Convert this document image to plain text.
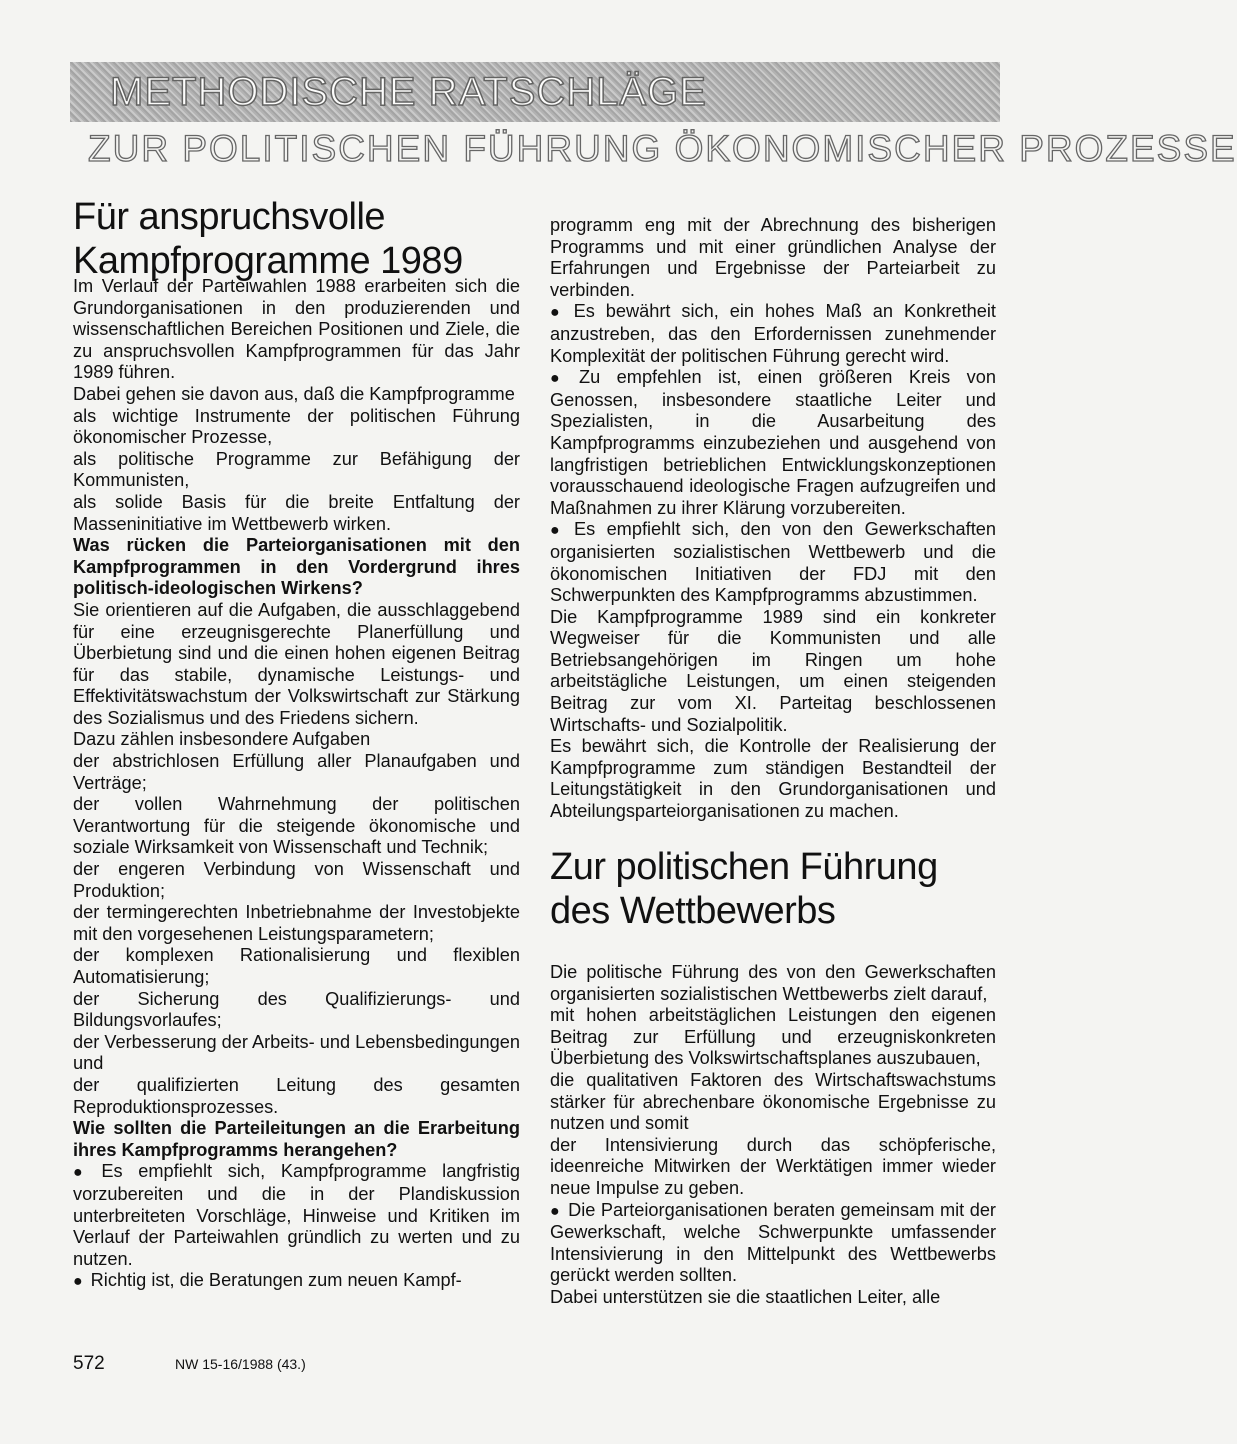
METHODISCHE RATSCHLÄGE
ZUR POLITISCHEN FÜHRUNG ÖKONOMISCHER PROZESSE
Für anspruchsvolle Kampfprogramme 1989

Im Verlauf der Parteiwahlen 1988 erarbeiten sich die Grundorganisationen in den produzierenden und wissenschaftlichen Bereichen Positionen und Ziele, die zu anspruchsvollen Kampfprogrammen für das Jahr 1989 führen.

Dabei gehen sie davon aus, daß die Kampfprogramme

als wichtige Instrumente der politischen Führung ökonomischer Prozesse,

als politische Programme zur Befähigung der Kommunisten,

als solide Basis für die breite Entfaltung der Masseninitiative im Wettbewerb wirken.

Was rücken die Parteiorganisationen mit den Kampfprogrammen in den Vordergrund ihres politisch-ideologischen Wirkens?

Sie orientieren auf die Aufgaben, die ausschlaggebend für eine erzeugnisgerechte Planerfüllung und Überbietung sind und die einen hohen eigenen Beitrag für das stabile, dynamische Leistungs- und Effektivitätswachstum der Volkswirtschaft zur Stärkung des Sozialismus und des Friedens sichern.

Dazu zählen insbesondere Aufgaben

der abstrichlosen Erfüllung aller Planaufgaben und Verträge;

der vollen Wahrnehmung der politischen Verantwortung für die steigende ökonomische und soziale Wirksamkeit von Wissenschaft und Technik;

der engeren Verbindung von Wissenschaft und Produktion;

der termingerechten Inbetriebnahme der Investobjekte mit den vorgesehenen Leistungsparametern;

der komplexen Rationalisierung und flexiblen Automatisierung;

der Sicherung des Qualifizierungs- und Bildungsvorlaufes;

der Verbesserung der Arbeits- und Lebensbedingungen und

der qualifizierten Leitung des gesamten Reproduktionsprozesses.

Wie sollten die Parteileitungen an die Erarbeitung ihres Kampfprogramms herangehen?

● Es empfiehlt sich, Kampfprogramme langfristig vorzubereiten und die in der Plandiskussion unterbreiteten Vorschläge, Hinweise und Kritiken im Verlauf der Parteiwahlen gründlich zu werten und zu nutzen.

● Richtig ist, die Beratungen zum neuen Kampf-

programm eng mit der Abrechnung des bisherigen Programms und mit einer gründlichen Analyse der Erfahrungen und Ergebnisse der Parteiarbeit zu verbinden.

● Es bewährt sich, ein hohes Maß an Konkretheit anzustreben, das den Erfordernissen zunehmender Komplexität der politischen Führung gerecht wird.

● Zu empfehlen ist, einen größeren Kreis von Genossen, insbesondere staatliche Leiter und Spezialisten, in die Ausarbeitung des Kampfprogramms einzubeziehen und ausgehend von langfristigen betrieblichen Entwicklungskonzeptionen vorausschauend ideologische Fragen aufzugreifen und Maßnahmen zu ihrer Klärung vorzubereiten.

● Es empfiehlt sich, den von den Gewerkschaften organisierten sozialistischen Wettbewerb und die ökonomischen Initiativen der FDJ mit den Schwerpunkten des Kampfprogramms abzustimmen.

Die Kampfprogramme 1989 sind ein konkreter Wegweiser für die Kommunisten und alle Betriebsangehörigen im Ringen um hohe arbeitstägliche Leistungen, um einen steigenden Beitrag zur vom XI. Parteitag beschlossenen Wirtschafts- und Sozialpolitik.

Es bewährt sich, die Kontrolle der Realisierung der Kampfprogramme zum ständigen Bestandteil der Leitungstätigkeit in den Grundorganisationen und Abteilungsparteiorganisationen zu machen.

Zur politischen Führung des Wettbewerbs

Die politische Führung des von den Gewerkschaften organisierten sozialistischen Wettbewerbs zielt darauf,

mit hohen arbeitstäglichen Leistungen den eigenen Beitrag zur Erfüllung und erzeugniskonkreten Überbietung des Volkswirtschaftsplanes auszubauen,

die qualitativen Faktoren des Wirtschaftswachstums stärker für abrechenbare ökonomische Ergebnisse zu nutzen und somit

der Intensivierung durch das schöpferische, ideenreiche Mitwirken der Werktätigen immer wieder neue Impulse zu geben.

● Die Parteiorganisationen beraten gemeinsam mit der Gewerkschaft, welche Schwerpunkte umfassender Intensivierung in den Mittelpunkt des Wettbewerbs gerückt werden sollten.

Dabei unterstützen sie die staatlichen Leiter, alle

572	NW 15-16/1988 (43.)
